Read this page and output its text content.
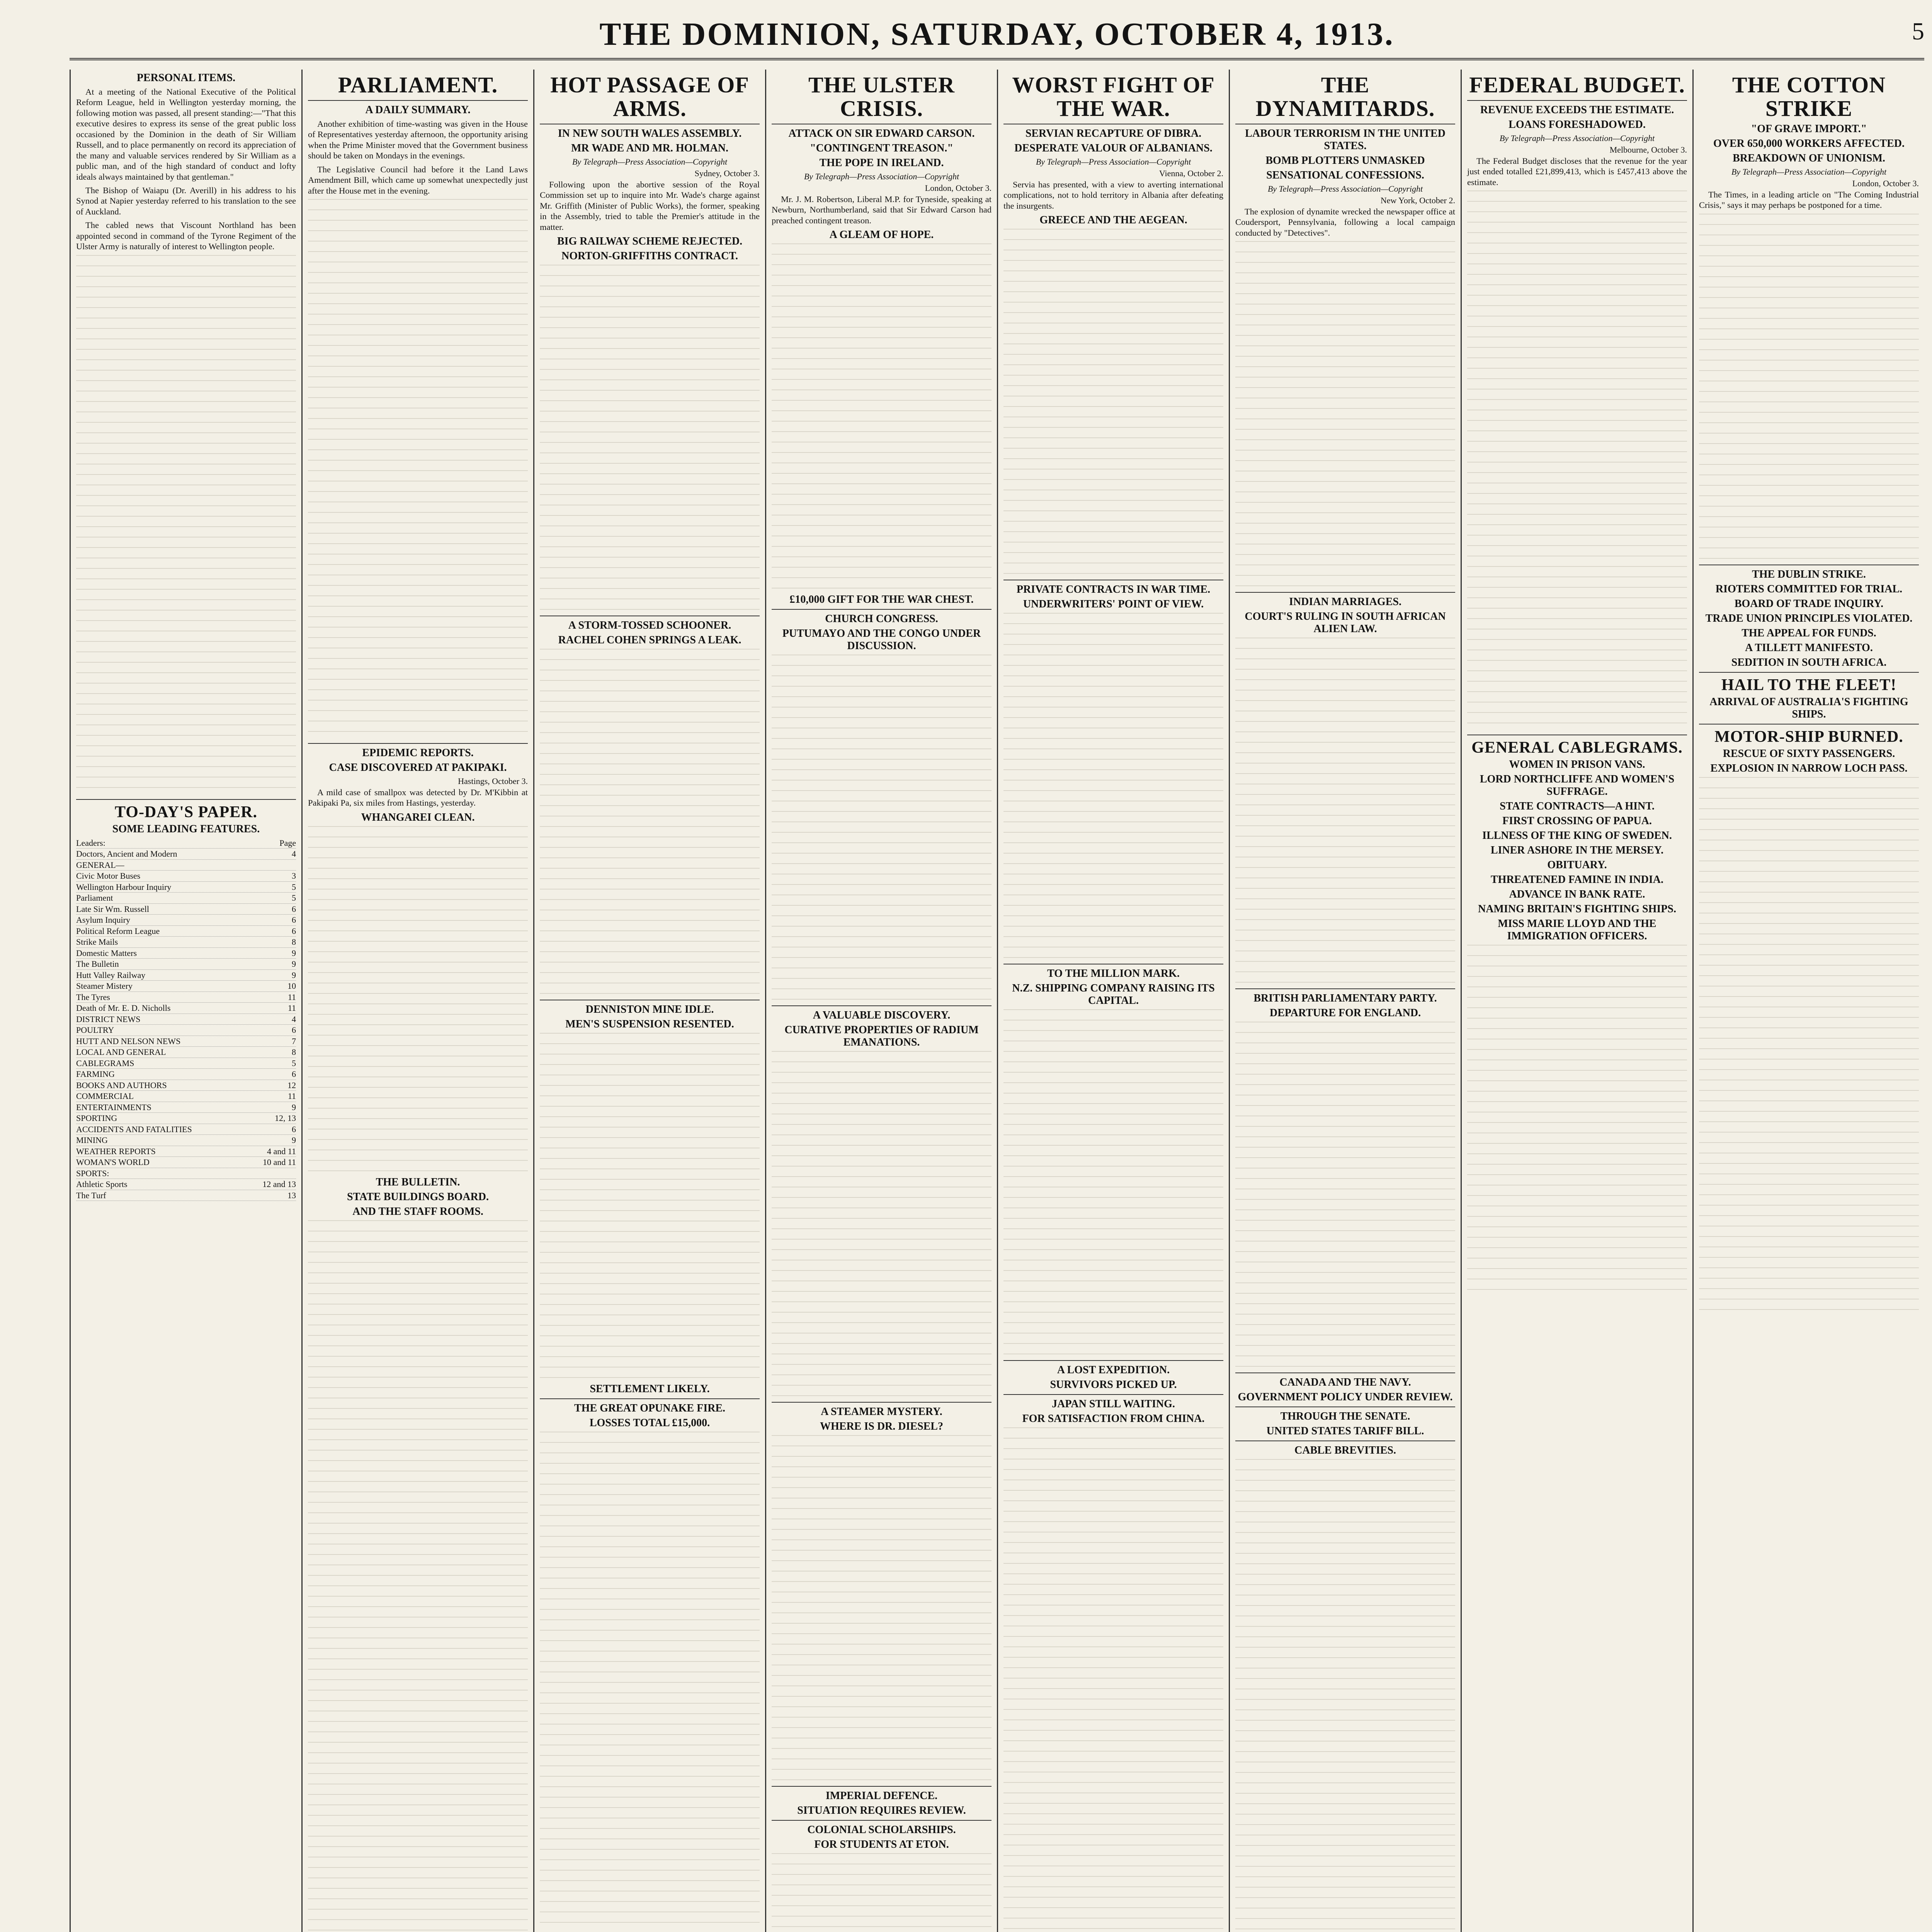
THE DOMINION, SATURDAY, OCTOBER 4, 1913.	5
PERSONAL ITEMS.

At a meeting of the National Executive of the Political Reform League, held in Wellington yesterday morning, the following motion was passed, all present standing:—"That this executive desires to express its sense of the great public loss occasioned by the Dominion in the death of Sir William Russell, and to place permanently on record its appreciation of the many and valuable services rendered by Sir William as a public man, and of the high standard of conduct and lofty ideals always maintained by that gentleman."

The Bishop of Waiapu (Dr. Averill) in his address to his Synod at Napier yesterday referred to his translation to the see of Auckland.

The cabled news that Viscount Northland has been appointed second in command of the Tyrone Regiment of the Ulster Army is naturally of interest to Wellington people.

TO-DAY'S PAPER.
SOME LEADING FEATURES.
Leaders:	Page
Doctors, Ancient and Modern	4
GENERAL—
Civic Motor Buses	3
Wellington Harbour Inquiry	5
Parliament	5
Late Sir Wm. Russell	6
Asylum Inquiry	6
Political Reform League	6
Strike Mails	8
Domestic Matters	9
The Bulletin	9
Hutt Valley Railway	9
Steamer Mistery	10
The Tyres	11
Death of Mr. E. D. Nicholls	11
DISTRICT NEWS	4
POULTRY	6
HUTT AND NELSON NEWS	7
LOCAL AND GENERAL	8
CABLEGRAMS	5
FARMING	6
BOOKS AND AUTHORS	12
COMMERCIAL	11
ENTERTAINMENTS	9
SPORTING	12, 13
ACCIDENTS AND FATALITIES	6
MINING	9
WEATHER REPORTS	4 and 11
WOMAN'S WORLD	10 and 11
SPORTS:
Athletic Sports	12 and 13
The Turf	13
PARLIAMENT.
A DAILY SUMMARY.

Another exhibition of time-wasting was given in the House of Representatives yesterday afternoon, the opportunity arising when the Prime Minister moved that the Government business should be taken on Mondays in the evenings.

The Legislative Council had before it the Land Laws Amendment Bill, which came up somewhat unexpectedly just after the House met in the evening.

EPIDEMIC REPORTS.
CASE DISCOVERED AT PAKIPAKI.
Hastings, October 3.

A mild case of smallpox was detected by Dr. M'Kibbin at Pakipaki Pa, six miles from Hastings, yesterday.

WHANGAREI CLEAN.
THE BULLETIN.
STATE BUILDINGS BOARD.
AND THE STAFF ROOMS.
HOT PASSAGE OF ARMS.
IN NEW SOUTH WALES ASSEMBLY.
MR WADE AND MR. HOLMAN.
By Telegraph—Press Association—Copyright
Sydney, October 3.

Following upon the abortive session of the Royal Commission set up to inquire into Mr. Wade's charge against Mr. Griffith (Minister of Public Works), the former, speaking in the Assembly, tried to table the Premier's attitude in the matter.

BIG RAILWAY SCHEME REJECTED.
NORTON-GRIFFITHS CONTRACT.
A STORM-TOSSED SCHOONER.
RACHEL COHEN SPRINGS A LEAK.
DENNISTON MINE IDLE.
MEN'S SUSPENSION RESENTED.
SETTLEMENT LIKELY.
THE GREAT OPUNAKE FIRE.
LOSSES TOTAL £15,000.
THE ULSTER CRISIS.
ATTACK ON SIR EDWARD CARSON.
"CONTINGENT TREASON."
THE POPE IN IRELAND.
By Telegraph—Press Association—Copyright
London, October 3.

Mr. J. M. Robertson, Liberal M.P. for Tyneside, speaking at Newburn, Northumberland, said that Sir Edward Carson had preached contingent treason.

A GLEAM OF HOPE.
£10,000 GIFT FOR THE WAR CHEST.
CHURCH CONGRESS.
PUTUMAYO AND THE CONGO UNDER DISCUSSION.
A VALUABLE DISCOVERY.
CURATIVE PROPERTIES OF RADIUM EMANATIONS.
A STEAMER MYSTERY.
WHERE IS DR. DIESEL?
IMPERIAL DEFENCE.
SITUATION REQUIRES REVIEW.
COLONIAL SCHOLARSHIPS.
FOR STUDENTS AT ETON.
WORST FIGHT OF THE WAR.
SERVIAN RECAPTURE OF DIBRA.
DESPERATE VALOUR OF ALBANIANS.
By Telegraph—Press Association—Copyright
Vienna, October 2.

Servia has presented, with a view to averting international complications, not to hold territory in Albania after defeating the insurgents.

GREECE AND THE AEGEAN.
PRIVATE CONTRACTS IN WAR TIME.
UNDERWRITERS' POINT OF VIEW.
TO THE MILLION MARK.
N.Z. SHIPPING COMPANY RAISING ITS CAPITAL.
A LOST EXPEDITION.
SURVIVORS PICKED UP.
JAPAN STILL WAITING.
FOR SATISFACTION FROM CHINA.
THE DYNAMITARDS.
LABOUR TERRORISM IN THE UNITED STATES.
BOMB PLOTTERS UNMASKED
SENSATIONAL CONFESSIONS.
By Telegraph—Press Association—Copyright
New York, October 2.

The explosion of dynamite wrecked the newspaper office at Coudersport, Pennsylvania, following a local campaign conducted by "Detectives".

INDIAN MARRIAGES.
COURT'S RULING IN SOUTH AFRICAN ALIEN LAW.
BRITISH PARLIAMENTARY PARTY.
DEPARTURE FOR ENGLAND.
CANADA AND THE NAVY.
GOVERNMENT POLICY UNDER REVIEW.
THROUGH THE SENATE.
UNITED STATES TARIFF BILL.
CABLE BREVITIES.
FEDERAL BUDGET.
REVENUE EXCEEDS THE ESTIMATE.
LOANS FORESHADOWED.
By Telegraph—Press Association—Copyright
Melbourne, October 3.

The Federal Budget discloses that the revenue for the year just ended totalled £21,899,413, which is £457,413 above the estimate.

GENERAL CABLEGRAMS.
WOMEN IN PRISON VANS.
LORD NORTHCLIFFE AND WOMEN'S SUFFRAGE.
STATE CONTRACTS—A HINT.
FIRST CROSSING OF PAPUA.
ILLNESS OF THE KING OF SWEDEN.
LINER ASHORE IN THE MERSEY.
OBITUARY.
THREATENED FAMINE IN INDIA.
ADVANCE IN BANK RATE.
NAMING BRITAIN'S FIGHTING SHIPS.
MISS MARIE LLOYD AND THE IMMIGRATION OFFICERS.
THE COTTON STRIKE
"OF GRAVE IMPORT."
OVER 650,000 WORKERS AFFECTED.
BREAKDOWN OF UNIONISM.
By Telegraph—Press Association—Copyright
London, October 3.

The Times, in a leading article on "The Coming Industrial Crisis," says it may perhaps be postponed for a time.

THE DUBLIN STRIKE.
RIOTERS COMMITTED FOR TRIAL.
BOARD OF TRADE INQUIRY.
TRADE UNION PRINCIPLES VIOLATED.
THE APPEAL FOR FUNDS.
A TILLETT MANIFESTO.
SEDITION IN SOUTH AFRICA.
HAIL TO THE FLEET!
ARRIVAL OF AUSTRALIA'S FIGHTING SHIPS.
MOTOR-SHIP BURNED.
RESCUE OF SIXTY PASSENGERS.
EXPLOSION IN NARROW LOCH PASS.
